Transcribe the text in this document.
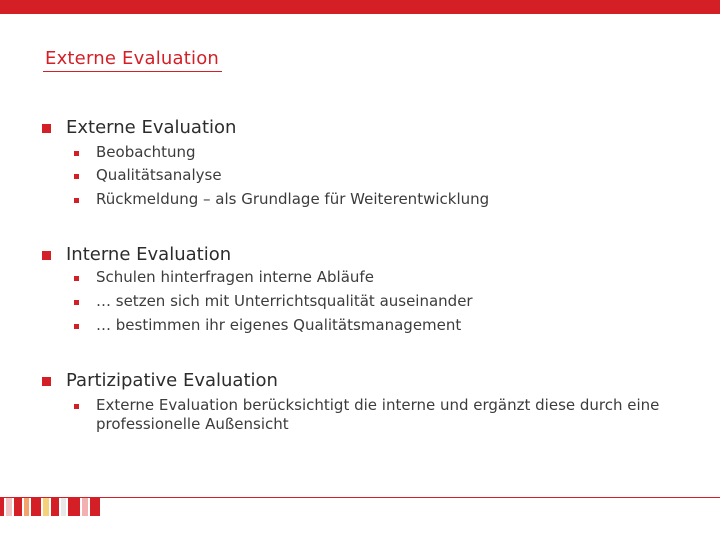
Externe Evaluation
Externe Evaluation
Beobachtung
Qualitätsanalyse
Rückmeldung – als Grundlage für Weiterentwicklung
Interne Evaluation
Schulen hinterfragen interne Abläufe
… setzen sich mit Unterrichtsqualität auseinander
… bestimmen ihr eigenes Qualitätsmanagement
Partizipative Evaluation
Externe Evaluation berücksichtigt die interne und ergänzt diese durch eine professionelle Außensicht
